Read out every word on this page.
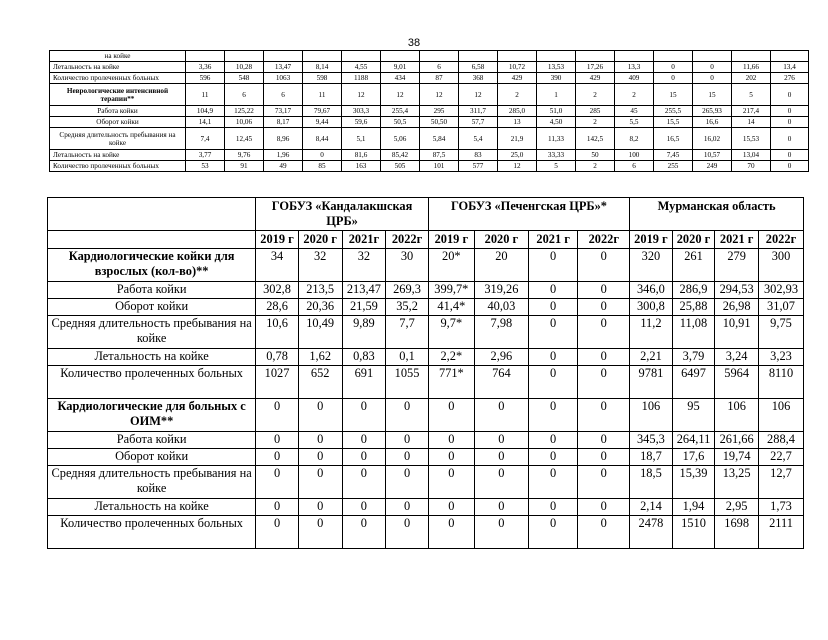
38
на койке																
Летальность на койке	3,36	10,28	13,47	8,14	4,55	9,01	6	6,58	10,72	13,53	17,26	13,3	0	0	11,66	13,4
Количество пролеченных больных	596	548	1063	598	1188	434	87	368	429	390	429	409	0	0	202	276
Неврологические интенсивной терапии**	11	6	6	11	12	12	12	12	2	1	2	2	15	15	5	0
Работа койки	104,9	125,22	73,17	79,67	303,3	255,4	295	311,7	285,0	51,0	285	45	255,5	265,93	217,4	0
Оборот койки	14,1	10,06	8,17	9,44	59,6	50,5	50,50	57,7	13	4,50	2	5,5	15,5	16,6	14	0
Средняя длительность пребывания на койке	7,4	12,45	8,96	8,44	5,1	5,06	5,84	5,4	21,9	11,33	142,5	8,2	16,5	16,02	15,53	0
Летальность на койке	3,77	9,76	1,96	0	81,6	85,42	87,5	83	25,0	33,33	50	100	7,45	10,57	13,04	0
Количество пролеченных больных	53	91	49	85	163	505	101	577	12	5	2	6	255	249	70	0
	ГОБУЗ «Кандалакшская ЦРБ»				ГОБУЗ «Печенгская ЦРБ»*				Мурманская область			
	2019 г	2020 г	2021г	2022г	2019 г	2020 г	2021 г	2022г	2019 г	2020 г	2021 г	2022г
Кардиологические койки для взрослых (кол-во)**	34	32	32	30	20*	20	0	0	320	261	279	300
Работа койки	302,8	213,5	213,47	269,3	399,7*	319,26	0	0	346,0	286,9	294,53	302,93
Оборот койки	28,6	20,36	21,59	35,2	41,4*	40,03	0	0	300,8	25,88	26,98	31,07
Средняя длительность пребывания на койке	10,6	10,49	9,89	7,7	9,7*	7,98	0	0	11,2	11,08	10,91	9,75
Летальность на койке	0,78	1,62	0,83	0,1	2,2*	2,96	0	0	2,21	3,79	3,24	3,23
Количество пролеченных больных	1027	652	691	1055	771*	764	0	0	9781	6497	5964	8110
Кардиологические для больных с ОИМ**	0	0	0	0	0	0	0	0	106	95	106	106
Работа койки	0	0	0	0	0	0	0	0	345,3	264,11	261,66	288,4
Оборот койки	0	0	0	0	0	0	0	0	18,7	17,6	19,74	22,7
Средняя длительность пребывания на койке	0	0	0	0	0	0	0	0	18,5	15,39	13,25	12,7
Летальность на койке	0	0	0	0	0	0	0	0	2,14	1,94	2,95	1,73
Количество пролеченных больных	0	0	0	0	0	0	0	0	2478	1510	1698	2111
